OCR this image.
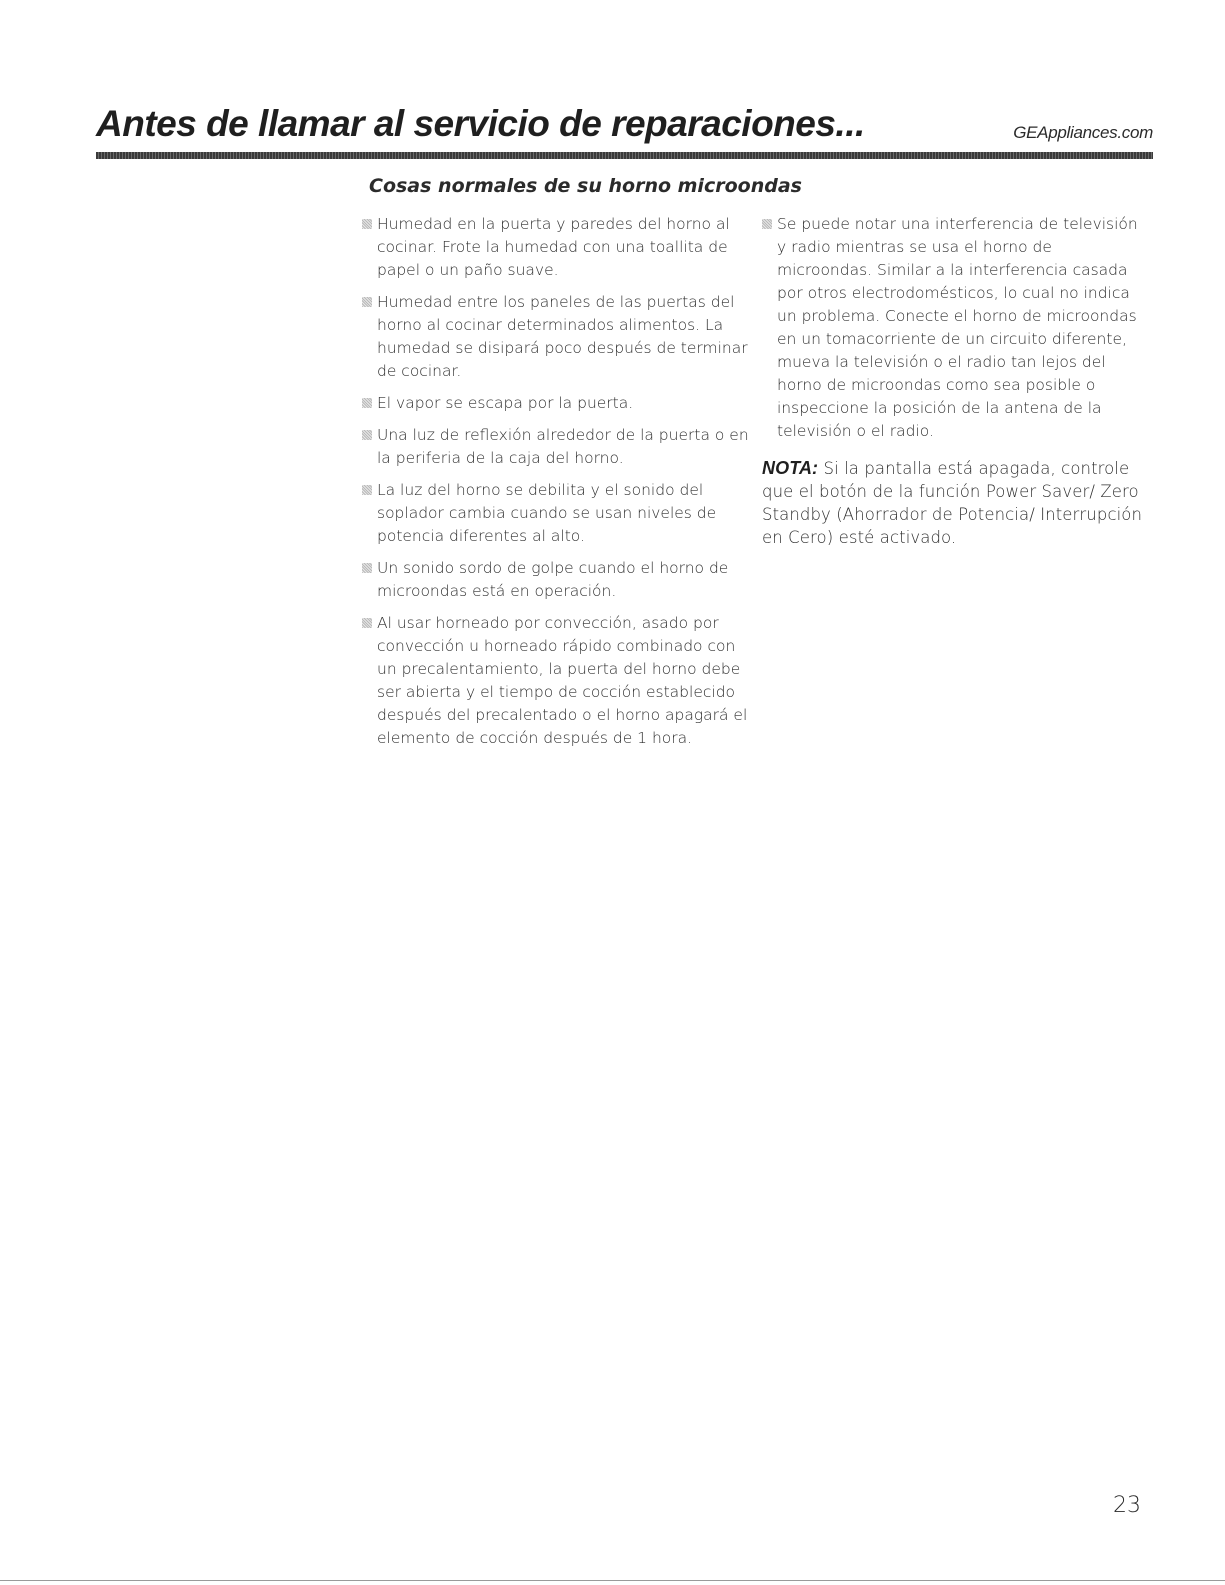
Antes de llamar al servicio de reparaciones...	GEAppliances.com
Cosas normales de su horno microondas
Humedad en la puerta y paredes del horno al cocinar. Frote la humedad con una toallita de papel o un paño suave.
Humedad entre los paneles de las puertas del horno al cocinar determinados alimentos. La humedad se disipará poco después de terminar de cocinar.
El vapor se escapa por la puerta.
Una luz de reflexión alrededor de la puerta o en la periferia de la caja del horno.
La luz del horno se debilita y el sonido del soplador cambia cuando se usan niveles de potencia diferentes al alto.
Un sonido sordo de golpe cuando el horno de microondas está en operación.
Al usar horneado por convección, asado por convección u horneado rápido combinado con un precalentamiento, la puerta del horno debe ser abierta y el tiempo de cocción establecido después del precalentado o el horno apagará el elemento de cocción después de 1 hora.
Se puede notar una interferencia de televisión y radio mientras se usa el horno de microondas. Similar a la interferencia casada por otros electrodomésticos, lo cual no indica un problema. Conecte el horno de microondas en un tomacorriente de un circuito diferente, mueva la televisión o el radio tan lejos del horno de microondas como sea posible o inspeccione la posición de la antena de la televisión o el radio.

NOTA: Si la pantalla está apagada, controle que el botón de la función Power Saver/ Zero Standby (Ahorrador de Potencia/ Interrupción en Cero) esté activado.

23
